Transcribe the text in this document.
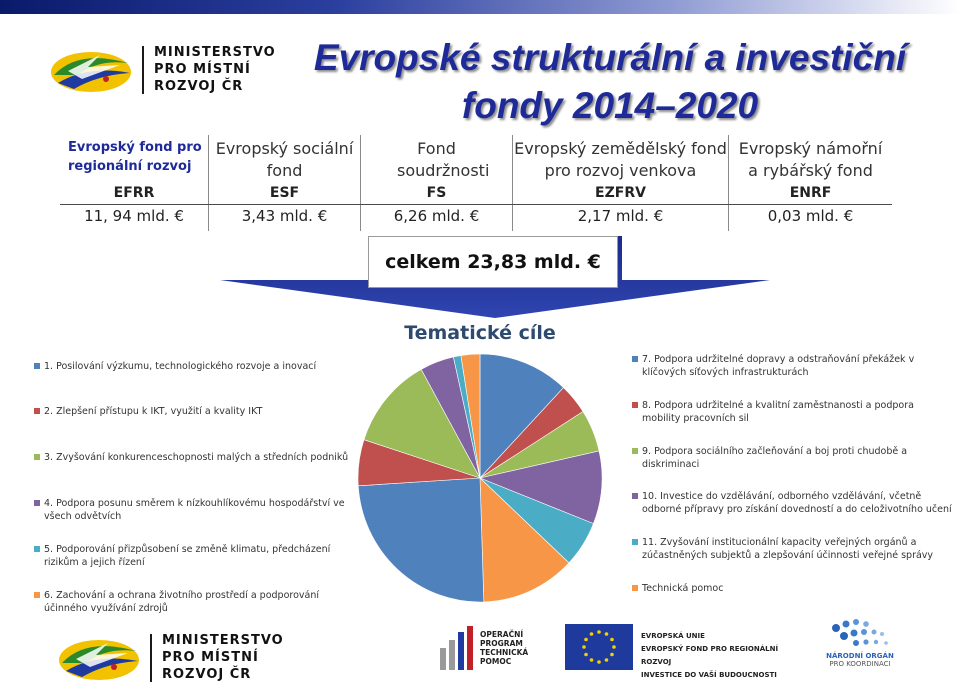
MINISTERSTVO
PRO MÍSTNÍ
ROZVOJ ČR
Evropské strukturální a investiční
fondy 2014–2020
Evropský fond pro regionální rozvoj
EFRR
11, 94 mld. €
Evropský sociální fond
ESF
3,43 mld. €
Fond soudržnosti
FS
6,26 mld. €
Evropský zemědělský fond pro rozvoj venkova
EZFRV
2,17 mld. €
Evropský námořní a rybářský fond
ENRF
0,03 mld. €
celkem 23,83 mld. €
Tematické cíle
1. Posilování výzkumu, technologického rozvoje a inovací
2. Zlepšení přístupu k IKT, využití a kvality IKT
3. Zvyšování konkurenceschopnosti malých a středních podniků
4. Podpora posunu směrem k nízkouhlíkovému hospodářství ve všech odvětvích
5. Podporování přizpůsobení se změně klimatu, předcházení rizikům a jejich řízení
6. Zachování a ochrana životního prostředí a podporování účinného využívání zdrojů
7. Podpora udržitelné dopravy a odstraňování překážek v klíčových síťových infrastrukturách
8. Podpora udržitelné a kvalitní zaměstnanosti a podpora mobility pracovních sil
9. Podpora sociálního začleňování a boj proti chudobě a diskriminaci
10. Investice do vzdělávání, odborného vzdělávání, včetně odborné přípravy pro získání dovedností a do celoživotního učení
11. Zvyšování institucionální kapacity veřejných orgánů a zúčastněných subjektů a zlepšování účinnosti veřejné správy
Technická pomoc
MINISTERSTVO
PRO MÍSTNÍ
ROZVOJ ČR
OPERAČNÍ
PROGRAM
TECHNICKÁ
POMOC
EVROPSKÁ UNIE
EVROPSKÝ FOND PRO REGIONÁLNÍ ROZVOJ
INVESTICE DO VAŠÍ BUDOUCNOSTI
NÁRODNÍ ORGÁN
PRO KOORDINACI
